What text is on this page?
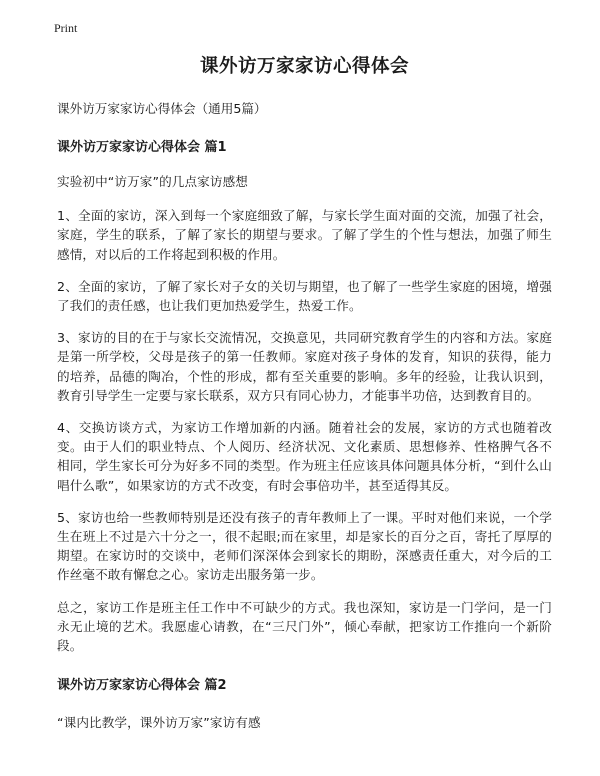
Print
课外访万家家访心得体会
课外访万家家访心得体会（通用5篇）
课外访万家家访心得体会 篇1
实验初中“访万家”的几点家访感想
1、全面的家访，深入到每一个家庭细致了解，与家长学生面对面的交流，加强了社会，家庭，学生的联系，了解了家长的期望与要求。了解了学生的个性与想法，加强了师生感情，对以后的工作将起到积极的作用。
2、全面的家访，了解了家长对子女的关切与期望，也了解了一些学生家庭的困境，增强了我们的责任感，也让我们更加热爱学生，热爱工作。
3、家访的目的在于与家长交流情况，交换意见，共同研究教育学生的内容和方法。家庭是第一所学校，父母是孩子的第一任教师。家庭对孩子身体的发育，知识的获得，能力的培养，品德的陶冶，个性的形成，都有至关重要的影响。多年的经验，让我认识到，教育引导学生一定要与家长联系，双方只有同心协力，才能事半功倍，达到教育目的。
4、交换访谈方式，为家访工作增加新的内涵。随着社会的发展，家访的方式也随着改变。由于人们的职业特点、个人阅历、经济状况、文化素质、思想修养、性格脾气各不相同，学生家长可分为好多不同的类型。作为班主任应该具体问题具体分析，“到什么山唱什么歌”，如果家访的方式不改变，有时会事倍功半，甚至适得其反。
5、家访也给一些教师特别是还没有孩子的青年教师上了一课。平时对他们来说，一个学生在班上不过是六十分之一，很不起眼;而在家里，却是家长的百分之百，寄托了厚厚的期望。在家访时的交谈中，老师们深深体会到家长的期盼，深感责任重大，对今后的工作丝毫不敢有懈怠之心。家访走出服务第一步。
总之，家访工作是班主任工作中不可缺少的方式。我也深知，家访是一门学问，是一门永无止境的艺术。我愿虚心请教，在“三尺门外”，倾心奉献，把家访工作推向一个新阶段。
课外访万家家访心得体会 篇2
“课内比教学，课外访万家”家访有感
